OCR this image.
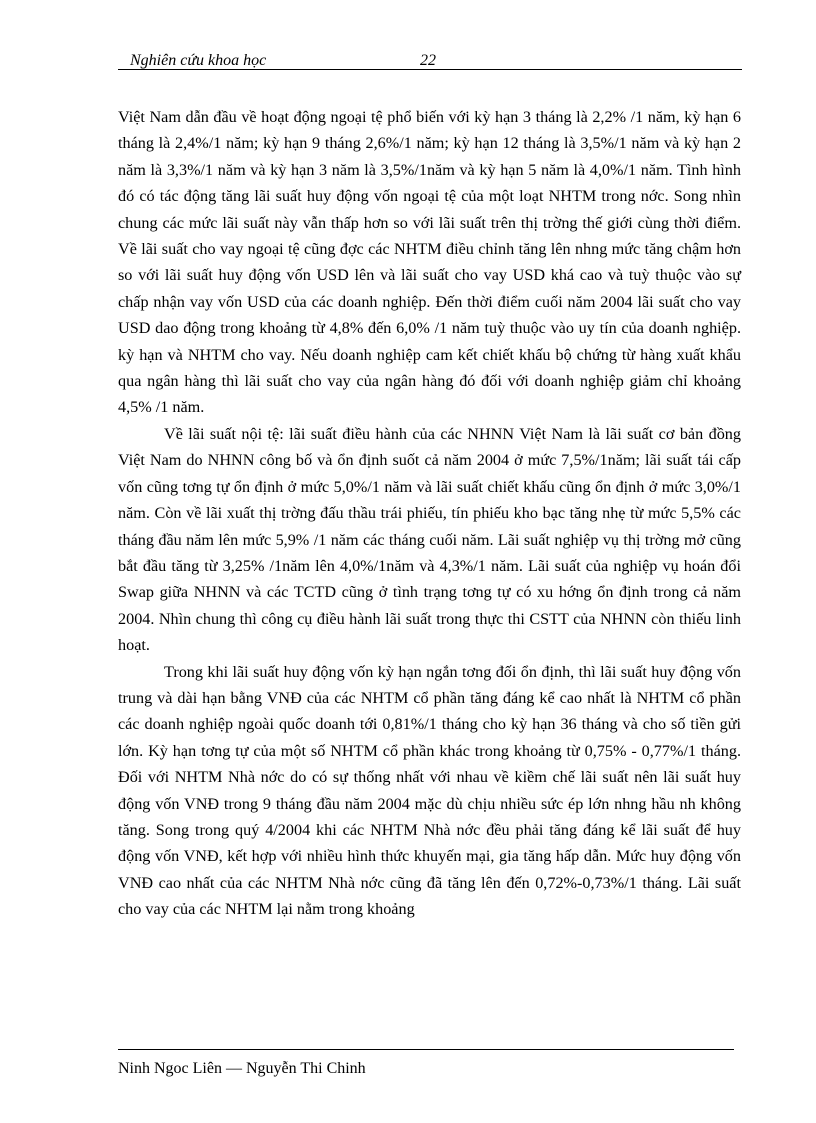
Nghiên cứu khoa học	22

Việt Nam dẫn đầu về hoạt động ngoại tệ phổ biến với kỳ hạn 3 tháng là 2,2% /1 năm, kỳ hạn 6 tháng là 2,4%/1 năm; kỳ hạn 9 tháng 2,6%/1 năm; kỳ hạn 12 tháng là 3,5%/1 năm và kỳ hạn 2 năm là 3,3%/1 năm và kỳ hạn 3 năm là 3,5%/1năm và kỳ hạn 5 năm là 4,0%/1 năm. Tình hình đó có tác động tăng lãi suất huy động vốn ngoại tệ của một loạt NHTM trong nớc. Song nhìn chung các mức lãi suất này vẫn thấp hơn so với lãi suất trên thị trờng thế giới cùng thời điểm. Về lãi suất cho vay ngoại tệ cũng đợc các NHTM điều chỉnh tăng lên nhng mức tăng chậm hơn so với lãi suất huy động vốn USD lên và lãi suất cho vay USD khá cao và tuỳ thuộc vào sự chấp nhận vay vốn USD của các doanh nghiệp. Đến thời điểm cuối năm 2004 lãi suất cho vay USD dao động trong khoảng từ 4,8% đến 6,0% /1 năm tuỳ thuộc vào uy tín của doanh nghiệp. kỳ hạn và NHTM cho vay. Nếu doanh nghiệp cam kết chiết khấu bộ chứng từ hàng xuất khẩu qua ngân hàng thì lãi suất cho vay của ngân hàng đó đối với doanh nghiệp giảm chỉ khoảng 4,5% /1 năm.

Về lãi suất nội tệ: lãi suất điều hành của các NHNN Việt Nam là lãi suất cơ bản đồng Việt Nam do NHNN công bố và ổn định suốt cả năm 2004 ở mức 7,5%/1năm; lãi suất tái cấp vốn cũng tơng tự ổn định ở mức 5,0%/1 năm và lãi suất chiết khấu cũng ổn định ở mức 3,0%/1 năm. Còn về lãi xuất thị trờng đấu thầu trái phiếu, tín phiếu kho bạc tăng nhẹ từ mức 5,5% các tháng đầu năm lên mức 5,9% /1 năm các tháng cuối năm. Lãi suất nghiệp vụ thị trờng mở cũng bắt đầu tăng từ 3,25% /1năm lên 4,0%/1năm và 4,3%/1 năm. Lãi suất của nghiệp vụ hoán đổi Swap giữa NHNN và các TCTD cũng ở tình trạng tơng tự có xu hớng ổn định trong cả năm 2004. Nhìn chung thì công cụ điều hành lãi suất trong thực thi CSTT của NHNN còn thiếu linh hoạt.

Trong khi lãi suất huy động vốn kỳ hạn ngắn tơng đối ổn định, thì lãi suất huy động vốn trung và dài hạn bằng VNĐ của các NHTM cổ phần tăng đáng kể cao nhất là NHTM cổ phần các doanh nghiệp ngoài quốc doanh tới 0,81%/1 tháng cho kỳ hạn 36 tháng và cho số tiền gửi lớn. Kỳ hạn tơng tự của một số NHTM cổ phần khác trong khoảng từ 0,75% - 0,77%/1 tháng. Đối với NHTM Nhà nớc do có sự thống nhất với nhau về kiềm chế lãi suất nên lãi suất huy động vốn VNĐ trong 9 tháng đầu năm 2004 mặc dù chịu nhiều sức ép lớn nhng hầu nh không tăng. Song trong quý 4/2004 khi các NHTM Nhà nớc đều phải tăng đáng kể lãi suất để huy động vốn VNĐ, kết hợp với nhiều hình thức khuyến mại, gia tăng hấp dẫn. Mức huy động vốn VNĐ cao nhất của các NHTM Nhà nớc cũng đã tăng lên đến 0,72%-0,73%/1 tháng. Lãi suất cho vay của các NHTM lại nằm trong khoảng

Ninh Ngoc Liên — Nguyễn Thi Chinh
